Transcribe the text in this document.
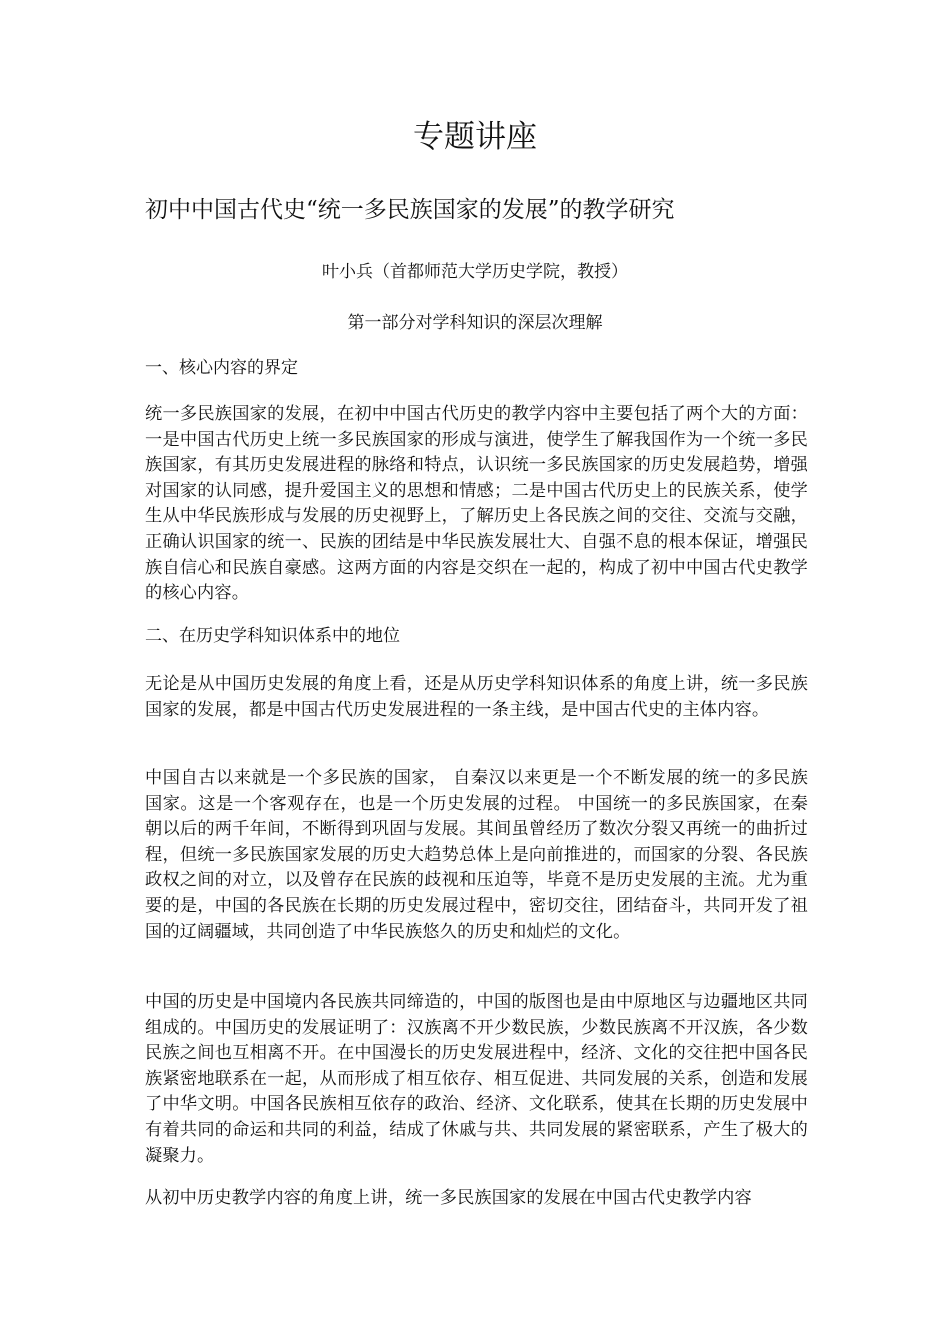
专题讲座
初中中国古代史“统一多民族国家的发展”的教学研究

叶小兵（首都师范大学历史学院，教授）

第一部分对学科知识的深层次理解

一、核心内容的界定

统一多民族国家的发展，在初中中国古代历史的教学内容中主要包括了两个大的方面：一是中国古代历史上统一多民族国家的形成与演进，使学生了解我国作为一个统一多民族国家，有其历史发展进程的脉络和特点，认识统一多民族国家的历史发展趋势，增强对国家的认同感，提升爱国主义的思想和情感；二是中国古代历史上的民族关系，使学生从中华民族形成与发展的历史视野上，了解历史上各民族之间的交往、交流与交融，正确认识国家的统一、民族的团结是中华民族发展壮大、自强不息的根本保证，增强民族自信心和民族自豪感。这两方面的内容是交织在一起的，构成了初中中国古代史教学的核心内容。

二、在历史学科知识体系中的地位

无论是从中国历史发展的角度上看，还是从历史学科知识体系的角度上讲，统一多民族国家的发展，都是中国古代历史发展进程的一条主线，是中国古代史的主体内容。

中国自古以来就是一个多民族的国家， 自秦汉以来更是一个不断发展的统一的多民族国家。这是一个客观存在，也是一个历史发展的过程。 中国统一的多民族国家，在秦朝以后的两千年间，不断得到巩固与发展。其间虽曾经历了数次分裂又再统一的曲折过程，但统一多民族国家发展的历史大趋势总体上是向前推进的，而国家的分裂、各民族政权之间的对立，以及曾存在民族的歧视和压迫等，毕竟不是历史发展的主流。尤为重要的是，中国的各民族在长期的历史发展过程中，密切交往，团结奋斗，共同开发了祖国的辽阔疆域，共同创造了中华民族悠久的历史和灿烂的文化。

中国的历史是中国境内各民族共同缔造的，中国的版图也是由中原地区与边疆地区共同组成的。中国历史的发展证明了：汉族离不开少数民族，少数民族离不开汉族，各少数民族之间也互相离不开。在中国漫长的历史发展进程中，经济、文化的交往把中国各民族紧密地联系在一起，从而形成了相互依存、相互促进、共同发展的关系，创造和发展了中华文明。中国各民族相互依存的政治、经济、文化联系，使其在长期的历史发展中有着共同的命运和共同的利益，结成了休戚与共、共同发展的紧密联系，产生了极大的凝聚力。

从初中历史教学内容的角度上讲，统一多民族国家的发展在中国古代史教学内容
